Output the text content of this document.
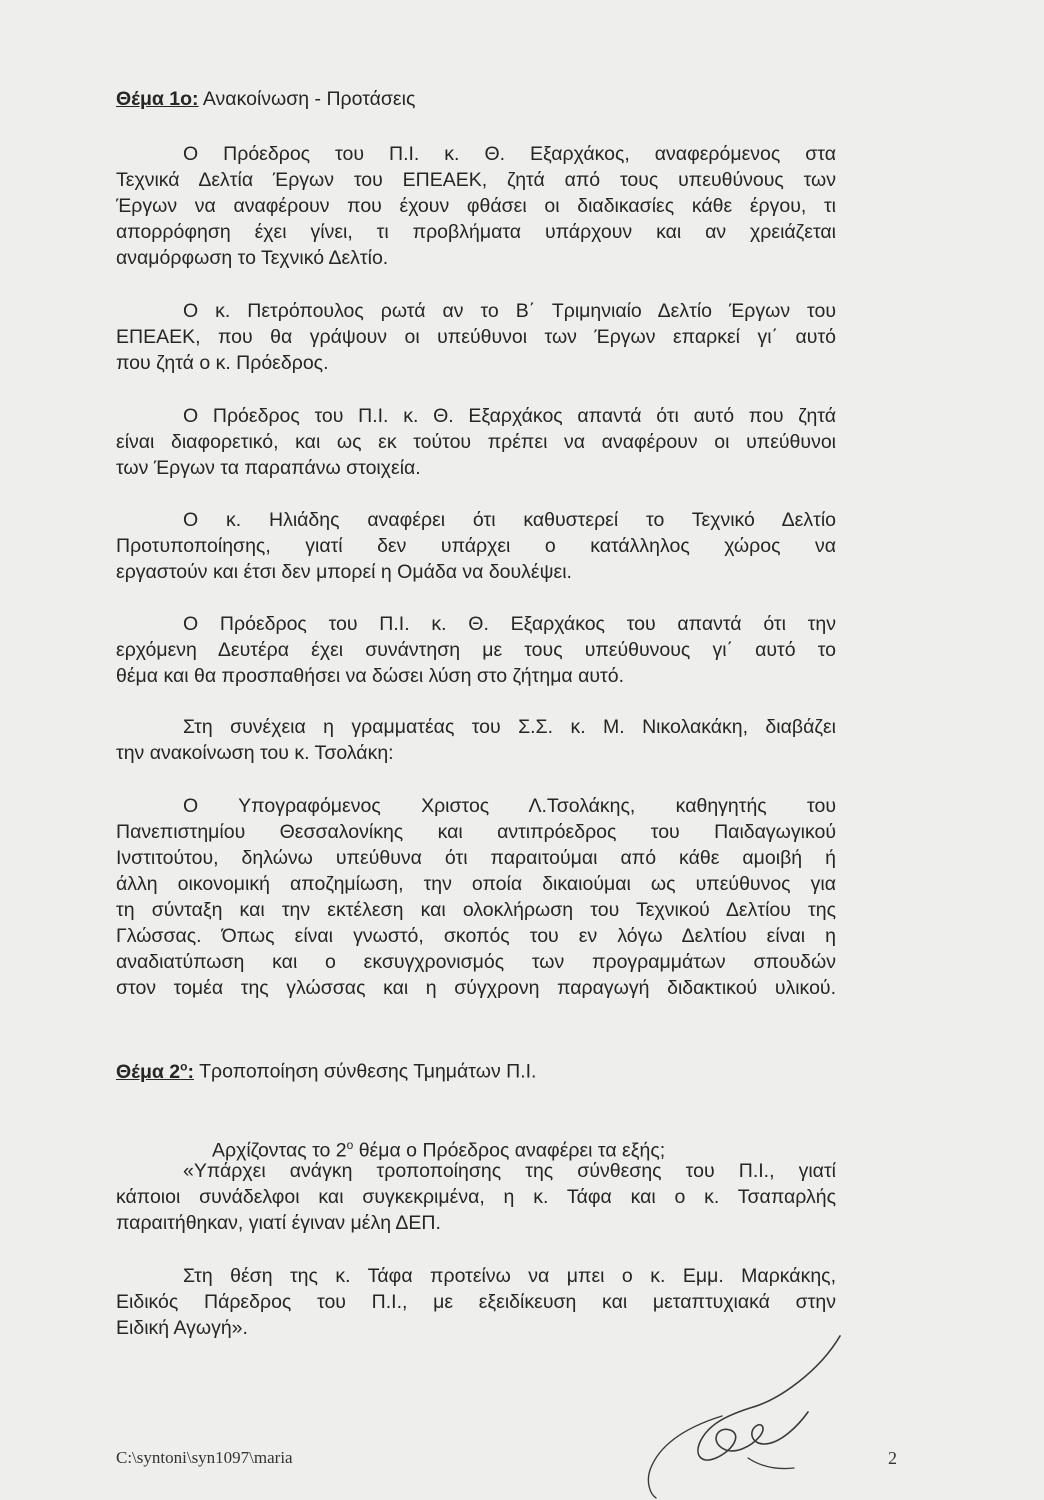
Θέμα 1ο: Ανακοίνωση - Προτάσεις
Ο Πρόεδρος του Π.Ι. κ. Θ. Εξαρχάκος, αναφερόμενος στα
Τεχνικά Δελτία Έργων του ΕΠΕΑΕΚ, ζητά από τους υπευθύνους των
Έργων να αναφέρουν που έχουν φθάσει οι διαδικασίες κάθε έργου, τι
απορρόφηση έχει γίνει, τι προβλήματα υπάρχουν και αν χρειάζεται
αναμόρφωση το Τεχνικό Δελτίο.
Ο κ. Πετρόπουλος ρωτά αν το Β΄ Τριμηνιαίο Δελτίο Έργων του
ΕΠΕΑΕΚ, που θα γράψουν οι υπεύθυνοι των Έργων επαρκεί γι΄ αυτό
που ζητά ο κ. Πρόεδρος.
Ο Πρόεδρος του Π.Ι. κ. Θ. Εξαρχάκος απαντά ότι αυτό που ζητά
είναι διαφορετικό, και ως εκ τούτου πρέπει να αναφέρουν οι υπεύθυνοι
των Έργων τα παραπάνω στοιχεία.
Ο κ. Ηλιάδης αναφέρει ότι καθυστερεί το Τεχνικό Δελτίο
Προτυποποίησης, γιατί δεν υπάρχει ο κατάλληλος χώρος να
εργαστούν και έτσι δεν μπορεί η Ομάδα να δουλέψει.
Ο Πρόεδρος του Π.Ι. κ. Θ. Εξαρχάκος του απαντά ότι την
ερχόμενη Δευτέρα έχει συνάντηση με τους υπεύθυνους γι΄ αυτό το
θέμα και θα προσπαθήσει να δώσει λύση στο ζήτημα αυτό.
Στη συνέχεια η γραμματέας του Σ.Σ. κ. Μ. Νικολακάκη, διαβάζει
την ανακοίνωση του κ. Τσολάκη:
Ο Υπογραφόμενος Χριστος Λ.Τσολάκης, καθηγητής του
Πανεπιστημίου Θεσσαλονίκης και αντιπρόεδρος του Παιδαγωγικού
Ινστιτούτου, δηλώνω υπεύθυνα ότι παραιτούμαι από κάθε αμοιβή ή
άλλη οικονομική αποζημίωση, την οποία δικαιούμαι ως υπεύθυνος για
τη σύνταξη και την εκτέλεση και ολοκλήρωση του Τεχνικού Δελτίου της
Γλώσσας. Όπως είναι γνωστό, σκοπός του εν λόγω Δελτίου είναι η
αναδιατύπωση και ο εκσυγχρονισμός των προγραμμάτων σπουδών
στον τομέα της γλώσσας και η σύγχρονη παραγωγή διδακτικού υλικού.
Θέμα $2^o$: Τροποποίηση σύνθεσης Τμημάτων Π.Ι.
Αρχίζοντας το $2^o$ θέμα ο Πρόεδρος αναφέρει τα εξής;
«Υπάρχει ανάγκη τροποποίησης της σύνθεσης του Π.Ι., γιατί
κάποιοι συνάδελφοι και συγκεκριμένα, η κ. Τάφα και ο κ. Τσαπαρλής
παραιτήθηκαν, γιατί έγιναν μέλη ΔΕΠ.
Στη θέση της κ. Τάφα προτείνω να μπει ο κ. Εμμ. Μαρκάκης,
Ειδικός Πάρεδρος του Π.Ι., με εξειδίκευση και μεταπτυχιακά στην
Ειδική Αγωγή».
C:\syntoni\syn1097\maria	2
